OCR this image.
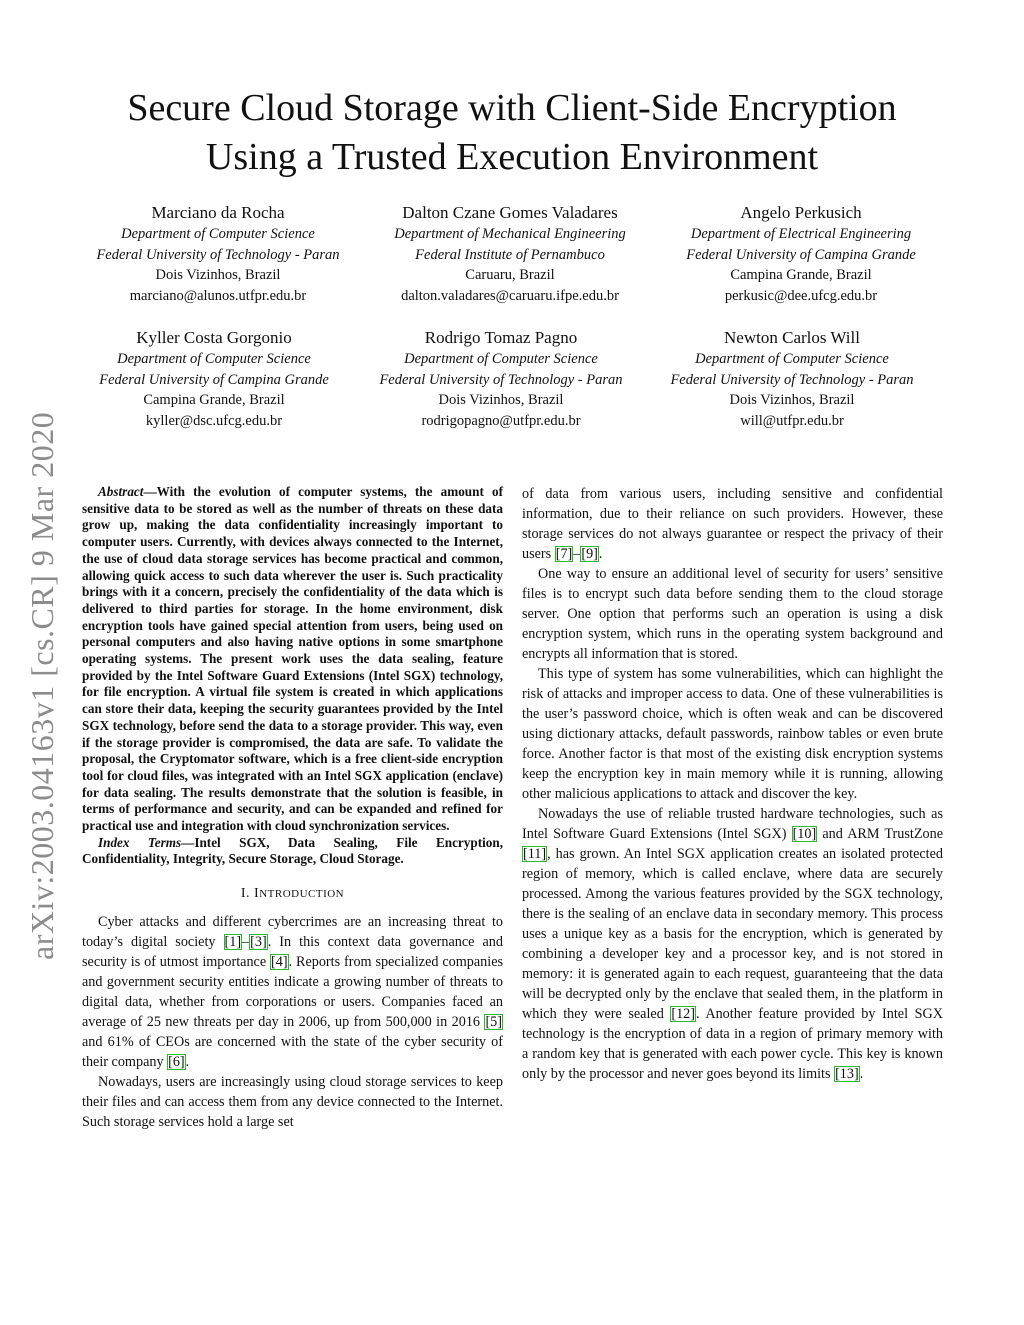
arXiv:2003.04163v1 [cs.CR] 9 Mar 2020
Secure Cloud Storage with Client-Side Encryption
Using a Trusted Execution Environment
Marciano da Rocha
Department of Computer Science
Federal University of Technology - Paran
Dois Vizinhos, Brazil
marciano@alunos.utfpr.edu.br
Dalton Czane Gomes Valadares
Department of Mechanical Engineering
Federal Institute of Pernambuco
Caruaru, Brazil
dalton.valadares@caruaru.ifpe.edu.br
Angelo Perkusich
Department of Electrical Engineering
Federal University of Campina Grande
Campina Grande, Brazil
perkusic@dee.ufcg.edu.br
Kyller Costa Gorgonio
Department of Computer Science
Federal University of Campina Grande
Campina Grande, Brazil
kyller@dsc.ufcg.edu.br
Rodrigo Tomaz Pagno
Department of Computer Science
Federal University of Technology - Paran
Dois Vizinhos, Brazil
rodrigopagno@utfpr.edu.br
Newton Carlos Will
Department of Computer Science
Federal University of Technology - Paran
Dois Vizinhos, Brazil
will@utfpr.edu.br

Abstract—With the evolution of computer systems, the amount of sensitive data to be stored as well as the number of threats on these data grow up, making the data confidentiality increasingly important to computer users. Currently, with devices always connected to the Internet, the use of cloud data storage services has become practical and common, allowing quick access to such data wherever the user is. Such practicality brings with it a concern, precisely the confidentiality of the data which is delivered to third parties for storage. In the home environment, disk encryption tools have gained special attention from users, being used on personal computers and also having native options in some smartphone operating systems. The present work uses the data sealing, feature provided by the Intel Software Guard Extensions (Intel SGX) technology, for file encryption. A virtual file system is created in which applications can store their data, keeping the security guarantees provided by the Intel SGX technology, before send the data to a storage provider. This way, even if the storage provider is compromised, the data are safe. To validate the proposal, the Cryptomator software, which is a free client-side encryption tool for cloud files, was integrated with an Intel SGX application (enclave) for data sealing. The results demonstrate that the solution is feasible, in terms of performance and security, and can be expanded and refined for practical use and integration with cloud synchronization services.

Index Terms—Intel SGX, Data Sealing, File Encryption, Confidentiality, Integrity, Secure Storage, Cloud Storage.

I. INTRODUCTION

Cyber attacks and different cybercrimes are an increasing threat to today’s digital society [1]–[3]. In this context data governance and security is of utmost importance [4]. Reports from specialized companies and government security entities indicate a growing number of threats to digital data, whether from corporations or users. Companies faced an average of 25 new threats per day in 2006, up from 500,000 in 2016 [5] and 61% of CEOs are concerned with the state of the cyber security of their company [6].

Nowadays, users are increasingly using cloud storage services to keep their files and can access them from any device connected to the Internet. Such storage services hold a large set

of data from various users, including sensitive and confidential information, due to their reliance on such providers. However, these storage services do not always guarantee or respect the privacy of their users [7]–[9].

One way to ensure an additional level of security for users’ sensitive files is to encrypt such data before sending them to the cloud storage server. One option that performs such an operation is using a disk encryption system, which runs in the operating system background and encrypts all information that is stored.

This type of system has some vulnerabilities, which can highlight the risk of attacks and improper access to data. One of these vulnerabilities is the user’s password choice, which is often weak and can be discovered using dictionary attacks, default passwords, rainbow tables or even brute force. Another factor is that most of the existing disk encryption systems keep the encryption key in main memory while it is running, allowing other malicious applications to attack and discover the key.

Nowadays the use of reliable trusted hardware technologies, such as Intel Software Guard Extensions (Intel SGX) [10] and ARM TrustZone [11], has grown. An Intel SGX application creates an isolated protected region of memory, which is called enclave, where data are securely processed. Among the various features provided by the SGX technology, there is the sealing of an enclave data in secondary memory. This process uses a unique key as a basis for the encryption, which is generated by combining a developer key and a processor key, and is not stored in memory: it is generated again to each request, guaranteeing that the data will be decrypted only by the enclave that sealed them, in the platform in which they were sealed [12]. Another feature provided by Intel SGX technology is the encryption of data in a region of primary memory with a random key that is generated with each power cycle. This key is known only by the processor and never goes beyond its limits [13].
